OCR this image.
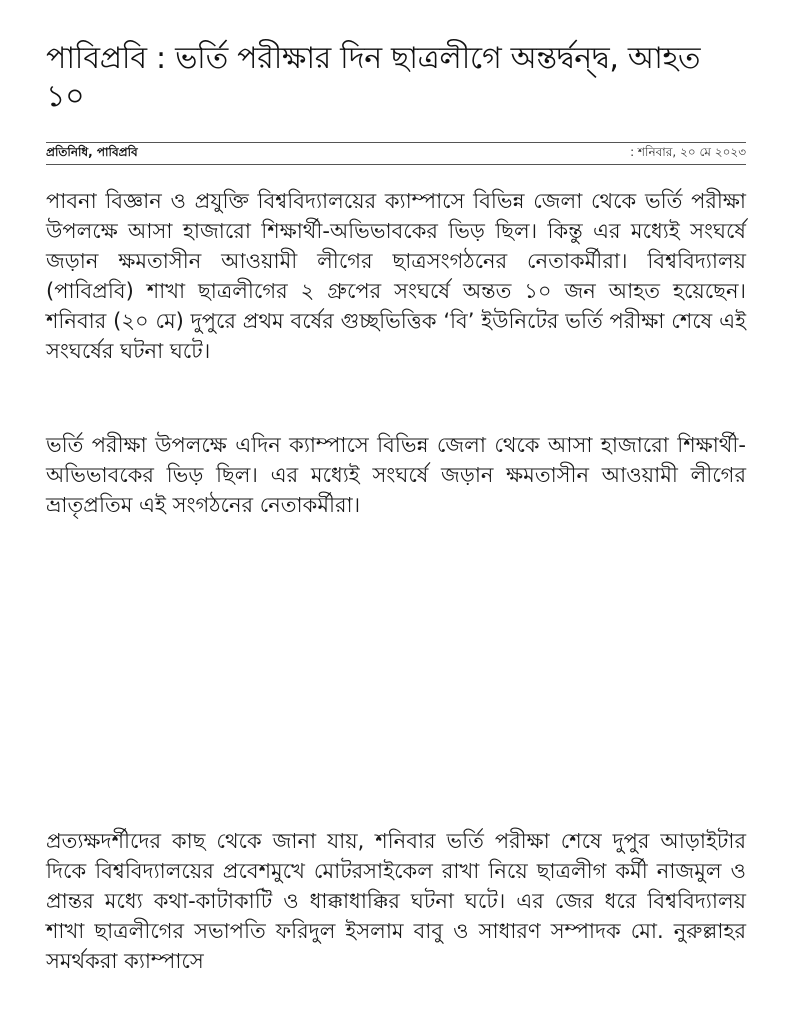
পাবিপ্রবি : ভর্তি পরীক্ষার দিন ছাত্রলীগে অন্তর্দ্বন্দ্ব, আহত ১০
প্রতিনিধি, পাবিপ্রবি	: শনিবার, ২০ মে ২০২৩

পাবনা বিজ্ঞান ও প্রযুক্তি বিশ্ববিদ্যালয়ের ক্যাম্পাসে বিভিন্ন জেলা থেকে ভর্তি পরীক্ষা উপলক্ষে আসা হাজারো শিক্ষার্থী-অভিভাবকের ভিড় ছিল। কিন্তু এর মধ্যেই সংঘর্ষে জড়ান ক্ষমতাসীন আওয়ামী লীগের ছাত্রসংগঠনের নেতাকর্মীরা। বিশ্ববিদ্যালয় (পাবিপ্রবি) শাখা ছাত্রলীগের ২ গ্রুপের সংঘর্ষে অন্তত ১০ জন আহত হয়েছেন। শনিবার (২০ মে) দুপুরে প্রথম বর্ষের গুচ্ছভিত্তিক ‘বি’ ইউনিটের ভর্তি পরীক্ষা শেষে এই সংঘর্ষের ঘটনা ঘটে।

ভর্তি পরীক্ষা উপলক্ষে এদিন ক্যাম্পাসে বিভিন্ন জেলা থেকে আসা হাজারো শিক্ষার্থী-অভিভাবকের ভিড় ছিল। এর মধ্যেই সংঘর্ষে জড়ান ক্ষমতাসীন আওয়ামী লীগের ভ্রাতৃপ্রতিম এই সংগঠনের নেতাকর্মীরা।

প্রত্যক্ষদর্শীদের কাছ থেকে জানা যায়, শনিবার ভর্তি পরীক্ষা শেষে দুপুর আড়াইটার দিকে বিশ্ববিদ্যালয়ের প্রবেশমুখে মোটরসাইকেল রাখা নিয়ে ছাত্রলীগ কর্মী নাজমুল ও প্রান্তর মধ্যে কথা-কাটাকাটি ও ধাক্কাধাক্কির ঘটনা ঘটে। এর জের ধরে বিশ্ববিদ্যালয় শাখা ছাত্রলীগের সভাপতি ফরিদুল ইসলাম বাবু ও সাধারণ সম্পাদক মো. নুরুল্লাহর সমর্থকরা ক্যাম্পাসে
